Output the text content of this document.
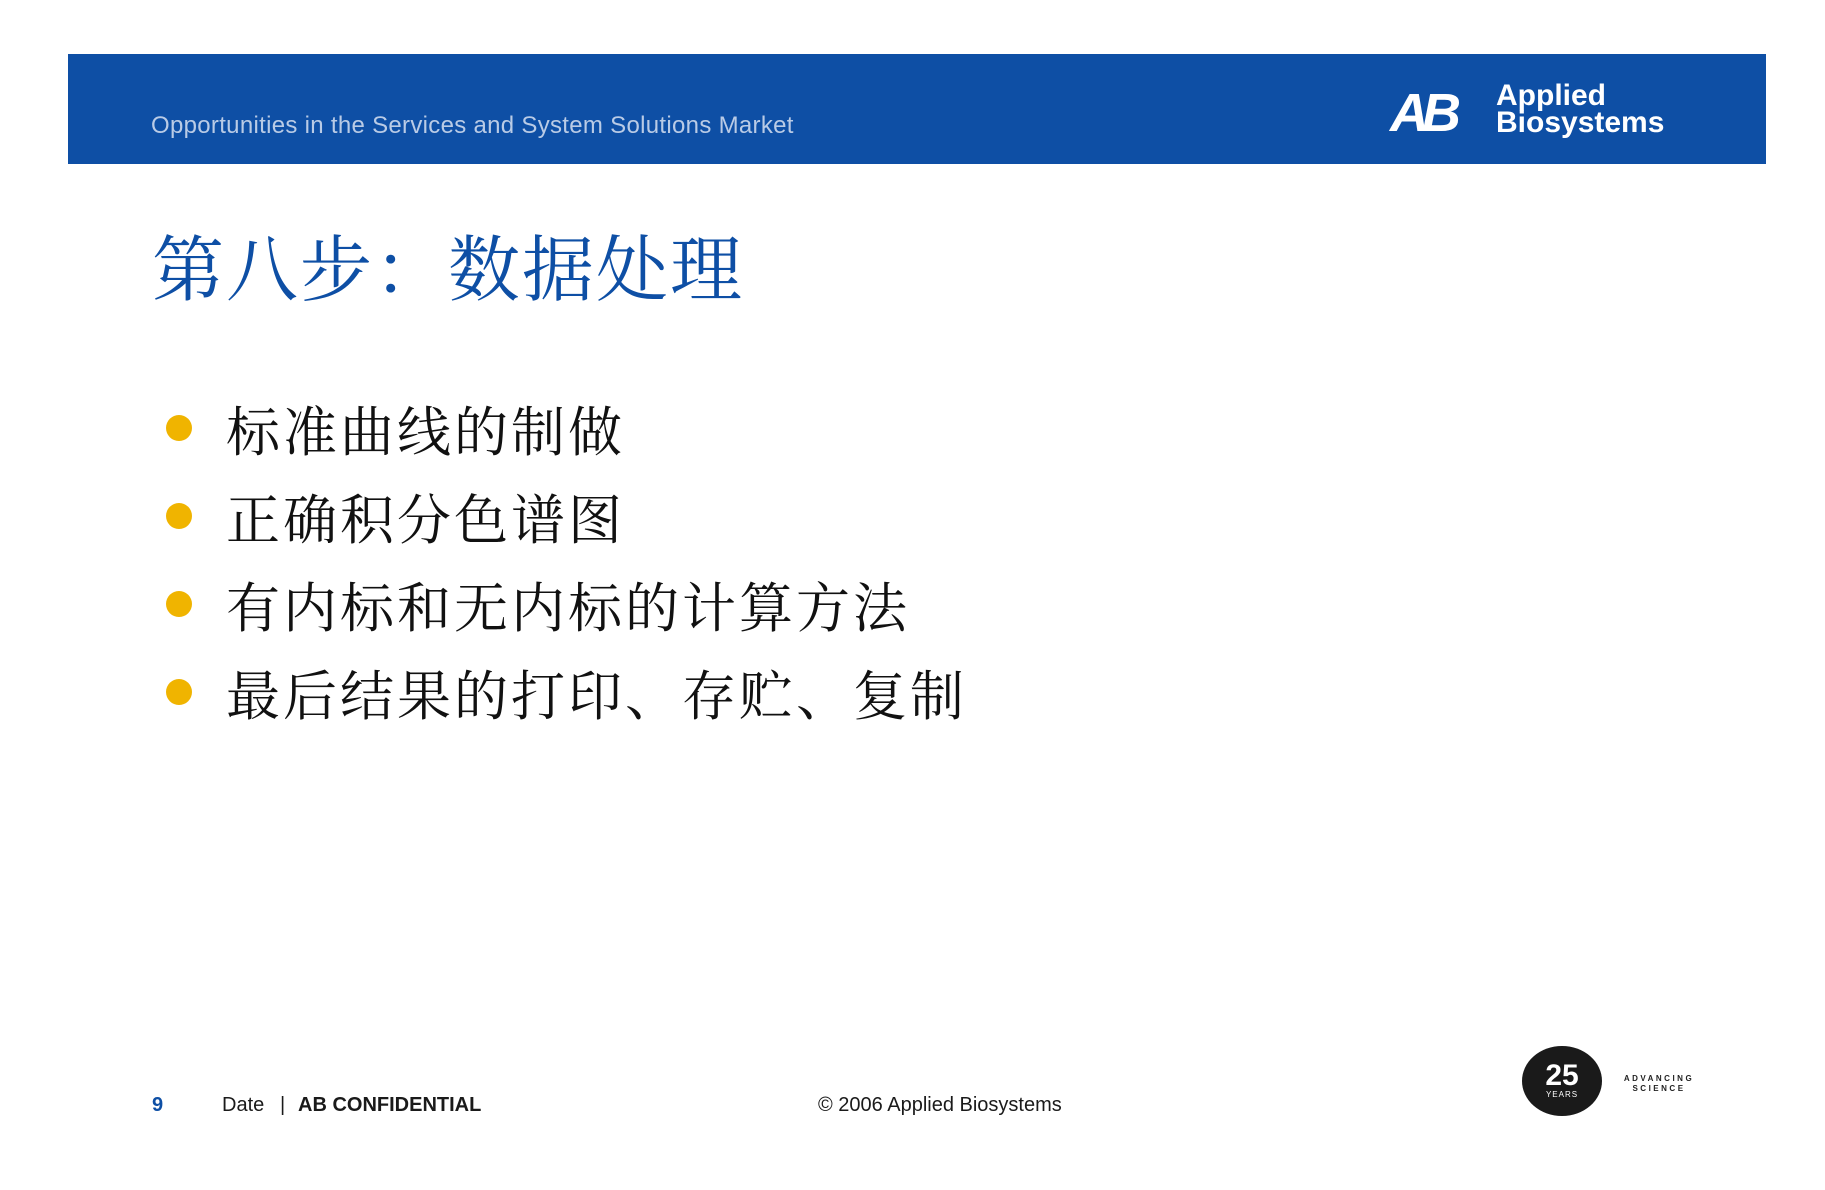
Opportunities in the Services and System Solutions Market	AB Applied
Biosystems
第八步：数据处理
标准曲线的制做
正确积分色谱图
有内标和无内标的计算方法
最后结果的打印、存贮、复制
9	Date | AB CONFIDENTIAL	© 2006 Applied Biosystems
25
YEARS
ADVANCING
SCIENCE
